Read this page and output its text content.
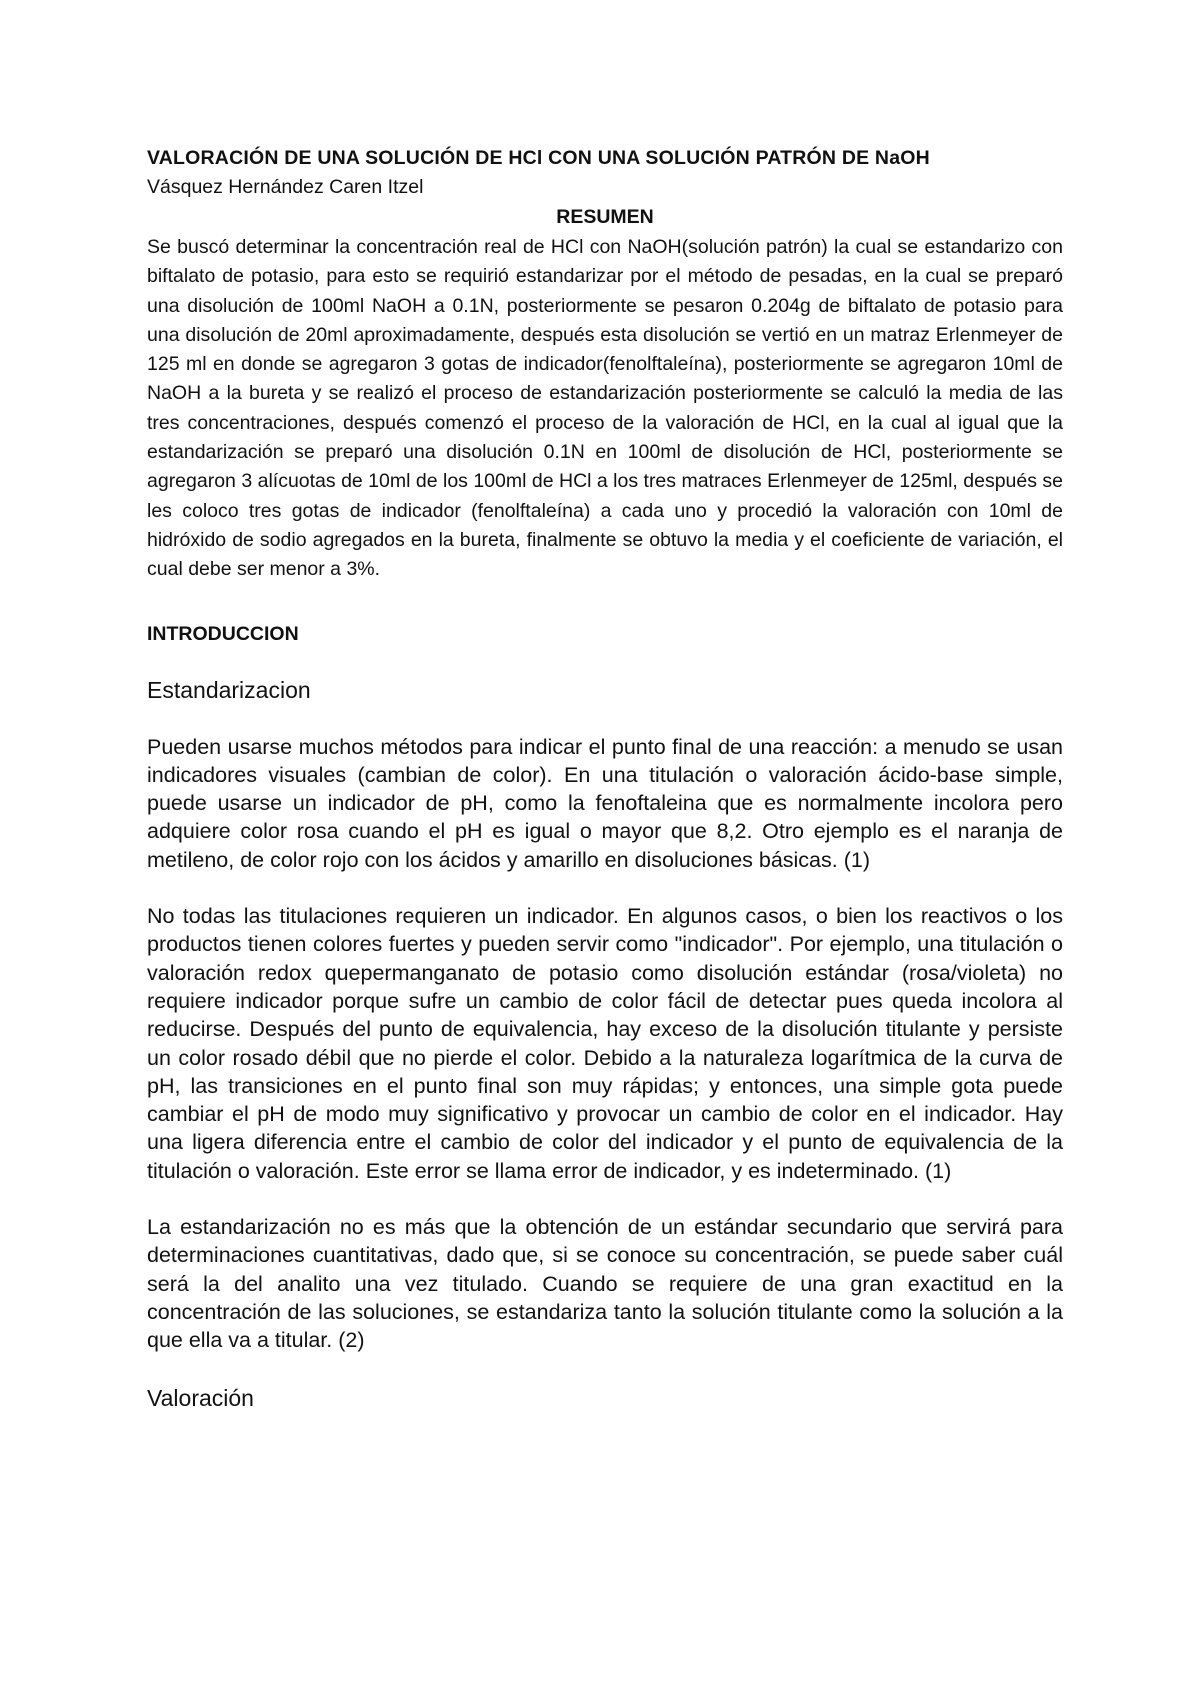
VALORACIÓN DE UNA SOLUCIÓN DE HCl CON UNA SOLUCIÓN PATRÓN DE NaOH

Vásquez Hernández Caren Itzel

RESUMEN

Se buscó determinar la concentración real de HCl con NaOH(solución patrón) la cual se estandarizo con biftalato de potasio, para esto se requirió estandarizar por el método de pesadas, en la cual se preparó una disolución de 100ml NaOH a 0.1N, posteriormente se pesaron 0.204g de biftalato de potasio para una disolución de 20ml aproximadamente, después esta disolución se vertió en un matraz Erlenmeyer de 125 ml en donde se agregaron 3 gotas de indicador(fenolftaleína), posteriormente se agregaron 10ml de NaOH a la bureta y se realizó el proceso de estandarización posteriormente se calculó la media de las tres concentraciones, después comenzó el proceso de la valoración de HCl, en la cual al igual que la estandarización se preparó una disolución 0.1N en 100ml de disolución de HCl, posteriormente se agregaron 3 alícuotas de 10ml de los 100ml de HCl a los tres matraces Erlenmeyer de 125ml, después se les coloco tres gotas de indicador (fenolftaleína) a cada uno y procedió la valoración con 10ml de hidróxido de sodio agregados en la bureta, finalmente se obtuvo la media y el coeficiente de variación, el cual debe ser menor a 3%.

INTRODUCCION

Estandarizacion

Pueden usarse muchos métodos para indicar el punto final de una reacción: a menudo se usan indicadores visuales (cambian de color). En una titulación o valoración ácido-base simple, puede usarse un indicador de pH, como la fenoftaleina que es normalmente incolora pero adquiere color rosa cuando el pH es igual o mayor que 8,2. Otro ejemplo es el naranja de metileno, de color rojo con los ácidos y amarillo en disoluciones básicas. (1)

No todas las titulaciones requieren un indicador. En algunos casos, o bien los reactivos o los productos tienen colores fuertes y pueden servir como "indicador". Por ejemplo, una titulación o valoración redox quepermanganato de potasio como disolución estándar (rosa/violeta) no requiere indicador porque sufre un cambio de color fácil de detectar pues queda incolora al reducirse. Después del punto de equivalencia, hay exceso de la disolución titulante y persiste un color rosado débil que no pierde el color. Debido a la naturaleza logarítmica de la curva de pH, las transiciones en el punto final son muy rápidas; y entonces, una simple gota puede cambiar el pH de modo muy significativo y provocar un cambio de color en el indicador. Hay una ligera diferencia entre el cambio de color del indicador y el punto de equivalencia de la titulación o valoración. Este error se llama error de indicador, y es indeterminado. (1)

La estandarización no es más que la obtención de un estándar secundario que servirá para determinaciones cuantitativas, dado que, si se conoce su concentración, se puede saber cuál será la del analito una vez titulado. Cuando se requiere de una gran exactitud en la concentración de las soluciones, se estandariza tanto la solución titulante como la solución a la que ella va a titular. (2)

Valoración
